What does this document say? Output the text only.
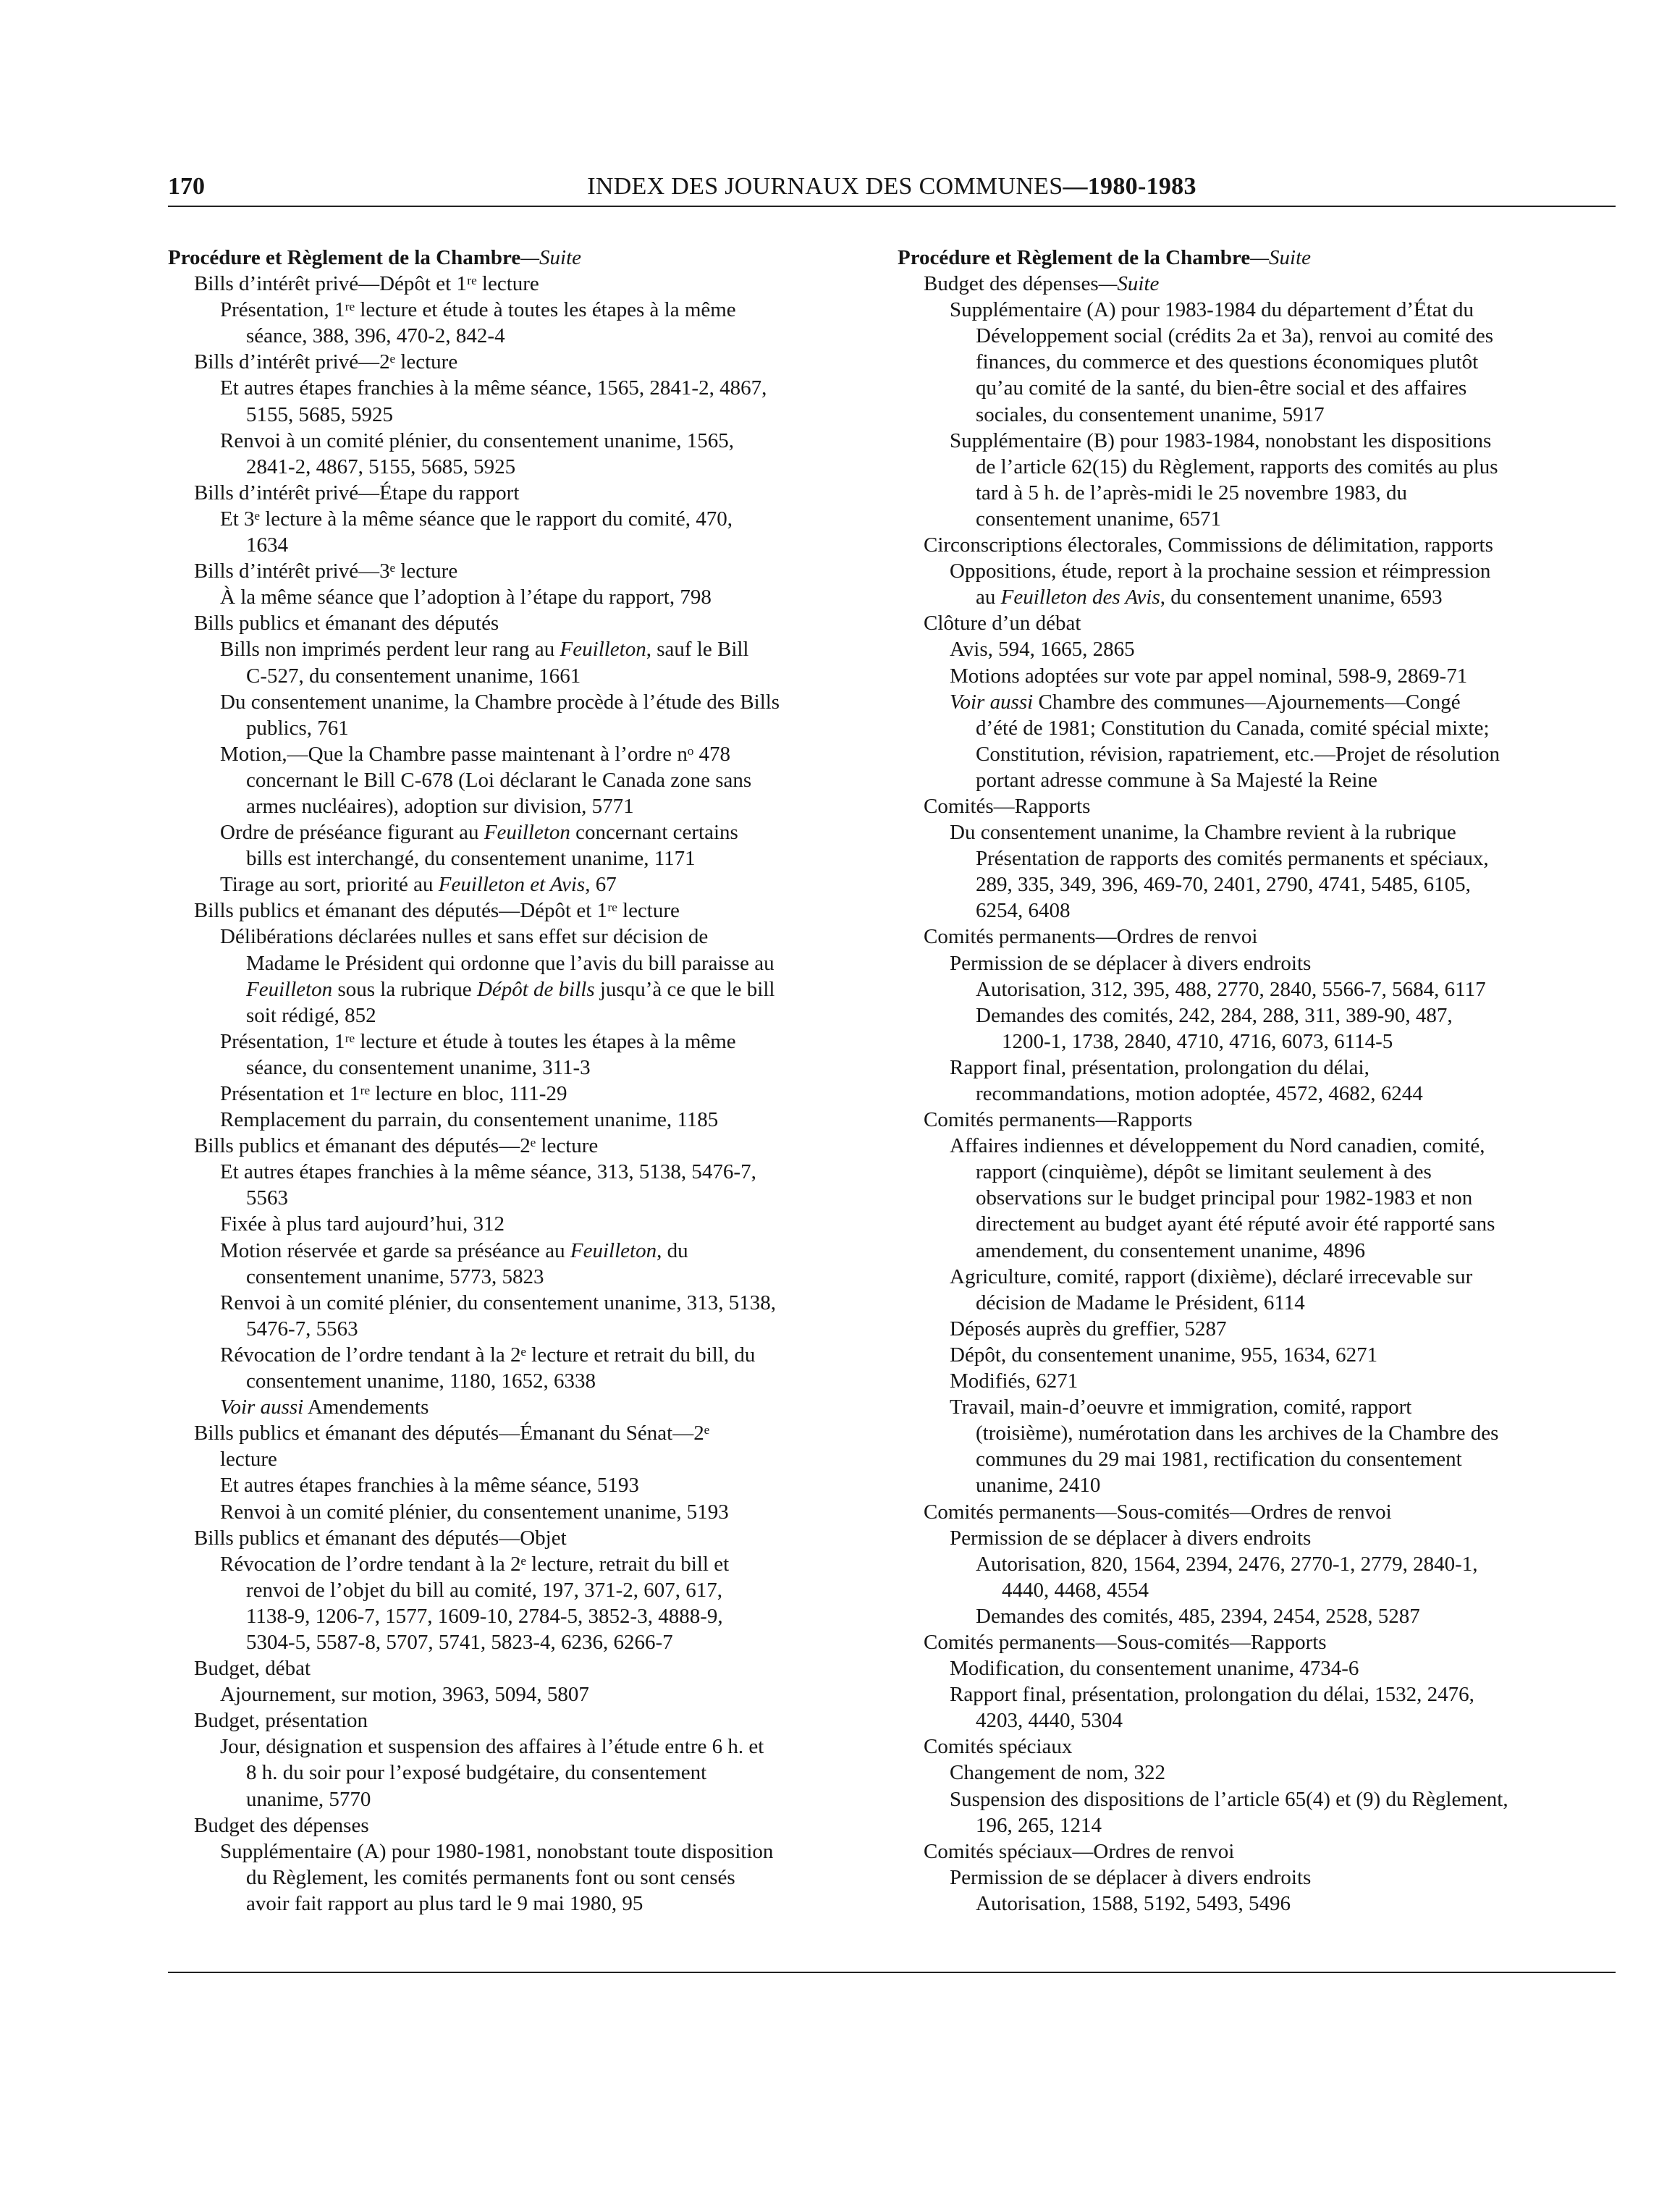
170	INDEX DES JOURNAUX DES COMMUNES—1980-1983
Procédure et Règlement de la Chambre—Suite
Bills d’intérêt privé—Dépôt et 1ʳᵉ lecture
Présentation, 1ʳᵉ lecture et étude à toutes les étapes à la même
séance, 388, 396, 470-2, 842-4
Bills d’intérêt privé—2ᵉ lecture
Et autres étapes franchies à la même séance, 1565, 2841-2, 4867,
5155, 5685, 5925
Renvoi à un comité plénier, du consentement unanime, 1565,
2841-2, 4867, 5155, 5685, 5925
Bills d’intérêt privé—Étape du rapport
Et 3ᵉ lecture à la même séance que le rapport du comité, 470,
1634
Bills d’intérêt privé—3ᵉ lecture
À la même séance que l’adoption à l’étape du rapport, 798
Bills publics et émanant des députés
Bills non imprimés perdent leur rang au Feuilleton, sauf le Bill
C-527, du consentement unanime, 1661
Du consentement unanime, la Chambre procède à l’étude des Bills
publics, 761
Motion,—Que la Chambre passe maintenant à l’ordre nᵒ 478
concernant le Bill C-678 (Loi déclarant le Canada zone sans
armes nucléaires), adoption sur division, 5771
Ordre de préséance figurant au Feuilleton concernant certains
bills est interchangé, du consentement unanime, 1171
Tirage au sort, priorité au Feuilleton et Avis, 67
Bills publics et émanant des députés—Dépôt et 1ʳᵉ lecture
Délibérations déclarées nulles et sans effet sur décision de
Madame le Président qui ordonne que l’avis du bill paraisse au
Feuilleton sous la rubrique Dépôt de bills jusqu’à ce que le bill
soit rédigé, 852
Présentation, 1ʳᵉ lecture et étude à toutes les étapes à la même
séance, du consentement unanime, 311-3
Présentation et 1ʳᵉ lecture en bloc, 111-29
Remplacement du parrain, du consentement unanime, 1185
Bills publics et émanant des députés—2ᵉ lecture
Et autres étapes franchies à la même séance, 313, 5138, 5476-7,
5563
Fixée à plus tard aujourd’hui, 312
Motion réservée et garde sa préséance au Feuilleton, du
consentement unanime, 5773, 5823
Renvoi à un comité plénier, du consentement unanime, 313, 5138,
5476-7, 5563
Révocation de l’ordre tendant à la 2ᵉ lecture et retrait du bill, du
consentement unanime, 1180, 1652, 6338
Voir aussi Amendements
Bills publics et émanant des députés—Émanant du Sénat—2ᵉ
lecture
Et autres étapes franchies à la même séance, 5193
Renvoi à un comité plénier, du consentement unanime, 5193
Bills publics et émanant des députés—Objet
Révocation de l’ordre tendant à la 2ᵉ lecture, retrait du bill et
renvoi de l’objet du bill au comité, 197, 371-2, 607, 617,
1138-9, 1206-7, 1577, 1609-10, 2784-5, 3852-3, 4888-9,
5304-5, 5587-8, 5707, 5741, 5823-4, 6236, 6266-7
Budget, débat
Ajournement, sur motion, 3963, 5094, 5807
Budget, présentation
Jour, désignation et suspension des affaires à l’étude entre 6 h. et
8 h. du soir pour l’exposé budgétaire, du consentement
unanime, 5770
Budget des dépenses
Supplémentaire (A) pour 1980-1981, nonobstant toute disposition
du Règlement, les comités permanents font ou sont censés
avoir fait rapport au plus tard le 9 mai 1980, 95
Procédure et Règlement de la Chambre—Suite
Budget des dépenses—Suite
Supplémentaire (A) pour 1983-1984 du département d’État du
Développement social (crédits 2a et 3a), renvoi au comité des
finances, du commerce et des questions économiques plutôt
qu’au comité de la santé, du bien-être social et des affaires
sociales, du consentement unanime, 5917
Supplémentaire (B) pour 1983-1984, nonobstant les dispositions
de l’article 62(15) du Règlement, rapports des comités au plus
tard à 5 h. de l’après-midi le 25 novembre 1983, du
consentement unanime, 6571
Circonscriptions électorales, Commissions de délimitation, rapports
Oppositions, étude, report à la prochaine session et réimpression
au Feuilleton des Avis, du consentement unanime, 6593
Clôture d’un débat
Avis, 594, 1665, 2865
Motions adoptées sur vote par appel nominal, 598-9, 2869-71
Voir aussi Chambre des communes—Ajournements—Congé
d’été de 1981; Constitution du Canada, comité spécial mixte;
Constitution, révision, rapatriement, etc.—Projet de résolution
portant adresse commune à Sa Majesté la Reine
Comités—Rapports
Du consentement unanime, la Chambre revient à la rubrique
Présentation de rapports des comités permanents et spéciaux,
289, 335, 349, 396, 469-70, 2401, 2790, 4741, 5485, 6105,
6254, 6408
Comités permanents—Ordres de renvoi
Permission de se déplacer à divers endroits
Autorisation, 312, 395, 488, 2770, 2840, 5566-7, 5684, 6117
Demandes des comités, 242, 284, 288, 311, 389-90, 487,
1200-1, 1738, 2840, 4710, 4716, 6073, 6114-5
Rapport final, présentation, prolongation du délai,
recommandations, motion adoptée, 4572, 4682, 6244
Comités permanents—Rapports
Affaires indiennes et développement du Nord canadien, comité,
rapport (cinquième), dépôt se limitant seulement à des
observations sur le budget principal pour 1982-1983 et non
directement au budget ayant été réputé avoir été rapporté sans
amendement, du consentement unanime, 4896
Agriculture, comité, rapport (dixième), déclaré irrecevable sur
décision de Madame le Président, 6114
Déposés auprès du greffier, 5287
Dépôt, du consentement unanime, 955, 1634, 6271
Modifiés, 6271
Travail, main-d’oeuvre et immigration, comité, rapport
(troisième), numérotation dans les archives de la Chambre des
communes du 29 mai 1981, rectification du consentement
unanime, 2410
Comités permanents—Sous-comités—Ordres de renvoi
Permission de se déplacer à divers endroits
Autorisation, 820, 1564, 2394, 2476, 2770-1, 2779, 2840-1,
4440, 4468, 4554
Demandes des comités, 485, 2394, 2454, 2528, 5287
Comités permanents—Sous-comités—Rapports
Modification, du consentement unanime, 4734-6
Rapport final, présentation, prolongation du délai, 1532, 2476,
4203, 4440, 5304
Comités spéciaux
Changement de nom, 322
Suspension des dispositions de l’article 65(4) et (9) du Règlement,
196, 265, 1214
Comités spéciaux—Ordres de renvoi
Permission de se déplacer à divers endroits
Autorisation, 1588, 5192, 5493, 5496
